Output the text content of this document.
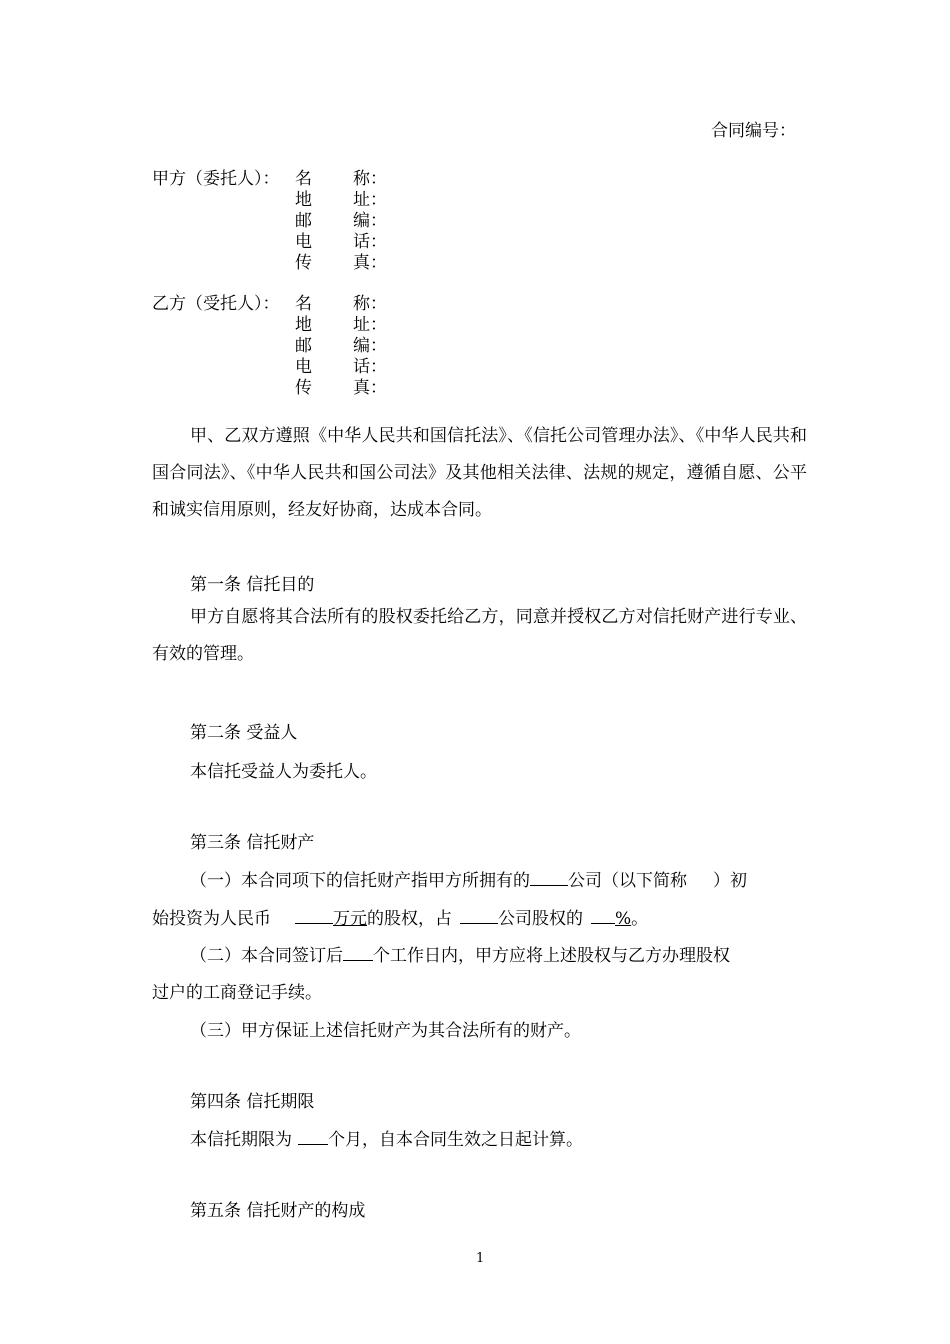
合同编号：
甲方（委托人）： 名 称：
地 址：
邮 编：
电 话：
传 真：
乙方（受托人）： 名 称：
地 址：
邮 编：
电 话：
传 真：
甲、乙双方遵照《中华人民共和国信托法》、《信托公司管理办法》、《中华人民共和国合同法》、《中华人民共和国公司法》及其他相关法律、法规的规定，遵循自愿、公平和诚实信用原则，经友好协商，达成本合同。
第一条 信托目的
甲方自愿将其合法所有的股权委托给乙方，同意并授权乙方对信托财产进行专业、有效的管理。
第二条 受益人
本信托受益人为委托人。
第三条 信托财产
（一）本合同项下的信托财产指甲方所拥有的 公司（以下简称 ）初
始投资为人民币	万元的股权，占	公司股权的 %。
（二）本合同签订后 个工作日内，甲方应将上述股权与乙方办理股权
过户的工商登记手续。
（三）甲方保证上述信托财产为其合法所有的财产。
第四条 信托期限
本信托期限为 个月，自本合同生效之日起计算。
第五条 信托财产的构成
1
